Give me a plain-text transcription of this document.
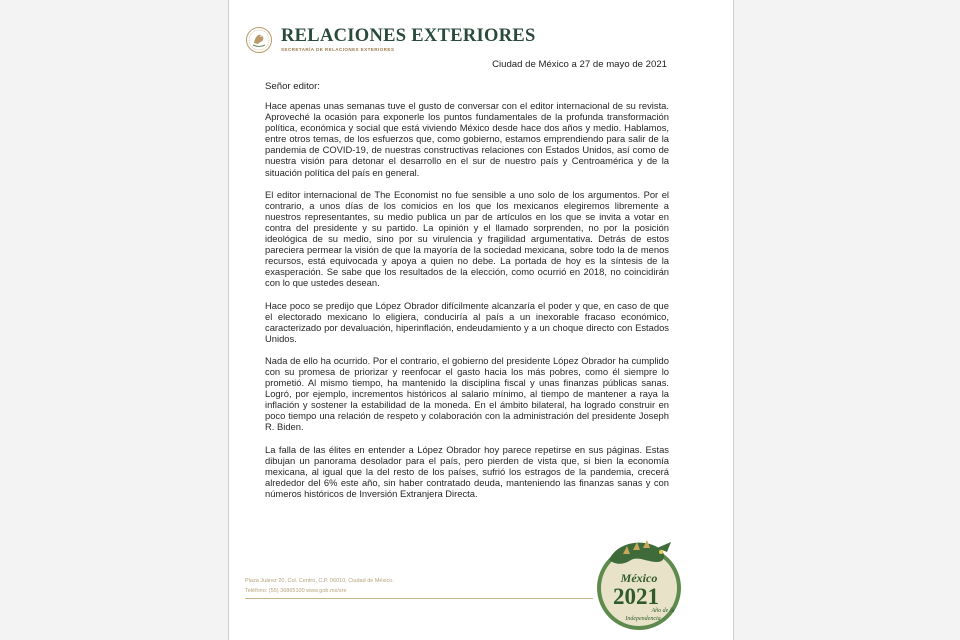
RELACIONES EXTERIORES
SECRETARÍA DE RELACIONES EXTERIORES
Ciudad de México a 27 de mayo de 2021
Señor editor:

Hace apenas unas semanas tuve el gusto de conversar con el editor internacional de su revista. Aproveché la ocasión para exponerle los puntos fundamentales de la profunda transformación política, económica y social que está viviendo México desde hace dos años y medio. Hablamos, entre otros temas, de los esfuerzos que, como gobierno, estamos emprendiendo para salir de la pandemia de COVID-19, de nuestras constructivas relaciones con Estados Unidos, así como de nuestra visión para detonar el desarrollo en el sur de nuestro país y Centroamérica y de la situación política del país en general.

El editor internacional de The Economist no fue sensible a uno solo de los argumentos. Por el contrario, a unos días de los comicios en los que los mexicanos elegiremos libremente a nuestros representantes, su medio publica un par de artículos en los que se invita a votar en contra del presidente y su partido. La opinión y el llamado sorprenden, no por la posición ideológica de su medio, sino por su virulencia y fragilidad argumentativa. Detrás de estos pareciera permear la visión de que la mayoría de la sociedad mexicana, sobre todo la de menos recursos, está equivocada y apoya a quien no debe. La portada de hoy es la síntesis de la exasperación. Se sabe que los resultados de la elección, como ocurrió en 2018, no coincidirán con lo que ustedes desean.

Hace poco se predijo que López Obrador difícilmente alcanzaría el poder y que, en caso de que el electorado mexicano lo eligiera, conduciría al país a un inexorable fracaso económico, caracterizado por devaluación, hiperinflación, endeudamiento y a un choque directo con Estados Unidos.

Nada de ello ha ocurrido. Por el contrario, el gobierno del presidente López Obrador ha cumplido con su promesa de priorizar y reenfocar el gasto hacia los más pobres, como él siempre lo prometió. Al mismo tiempo, ha mantenido la disciplina fiscal y unas finanzas públicas sanas. Logró, por ejemplo, incrementos históricos al salario mínimo, al tiempo de mantener a raya la inflación y sostener la estabilidad de la moneda. En el ámbito bilateral, ha logrado construir en poco tiempo una relación de respeto y colaboración con la administración del presidente Joseph R. Biden.

La falla de las élites en entender a López Obrador hoy parece repetirse en sus páginas. Estas dibujan un panorama desolador para el país, pero pierden de vista que, si bien la economía mexicana, al igual que la del resto de los países, sufrió los estragos de la pandemia, crecerá alrededor del 6% este año, sin haber contratado deuda, manteniendo las finanzas sanas y con números históricos de Inversión Extranjera Directa.

Plaza Juárez 20, Col. Centro, C.P. 06010, Ciudad de México.
Teléfono: (55) 36865100 www.gob.mx/sre
México
2021
Año de la
Independencia
